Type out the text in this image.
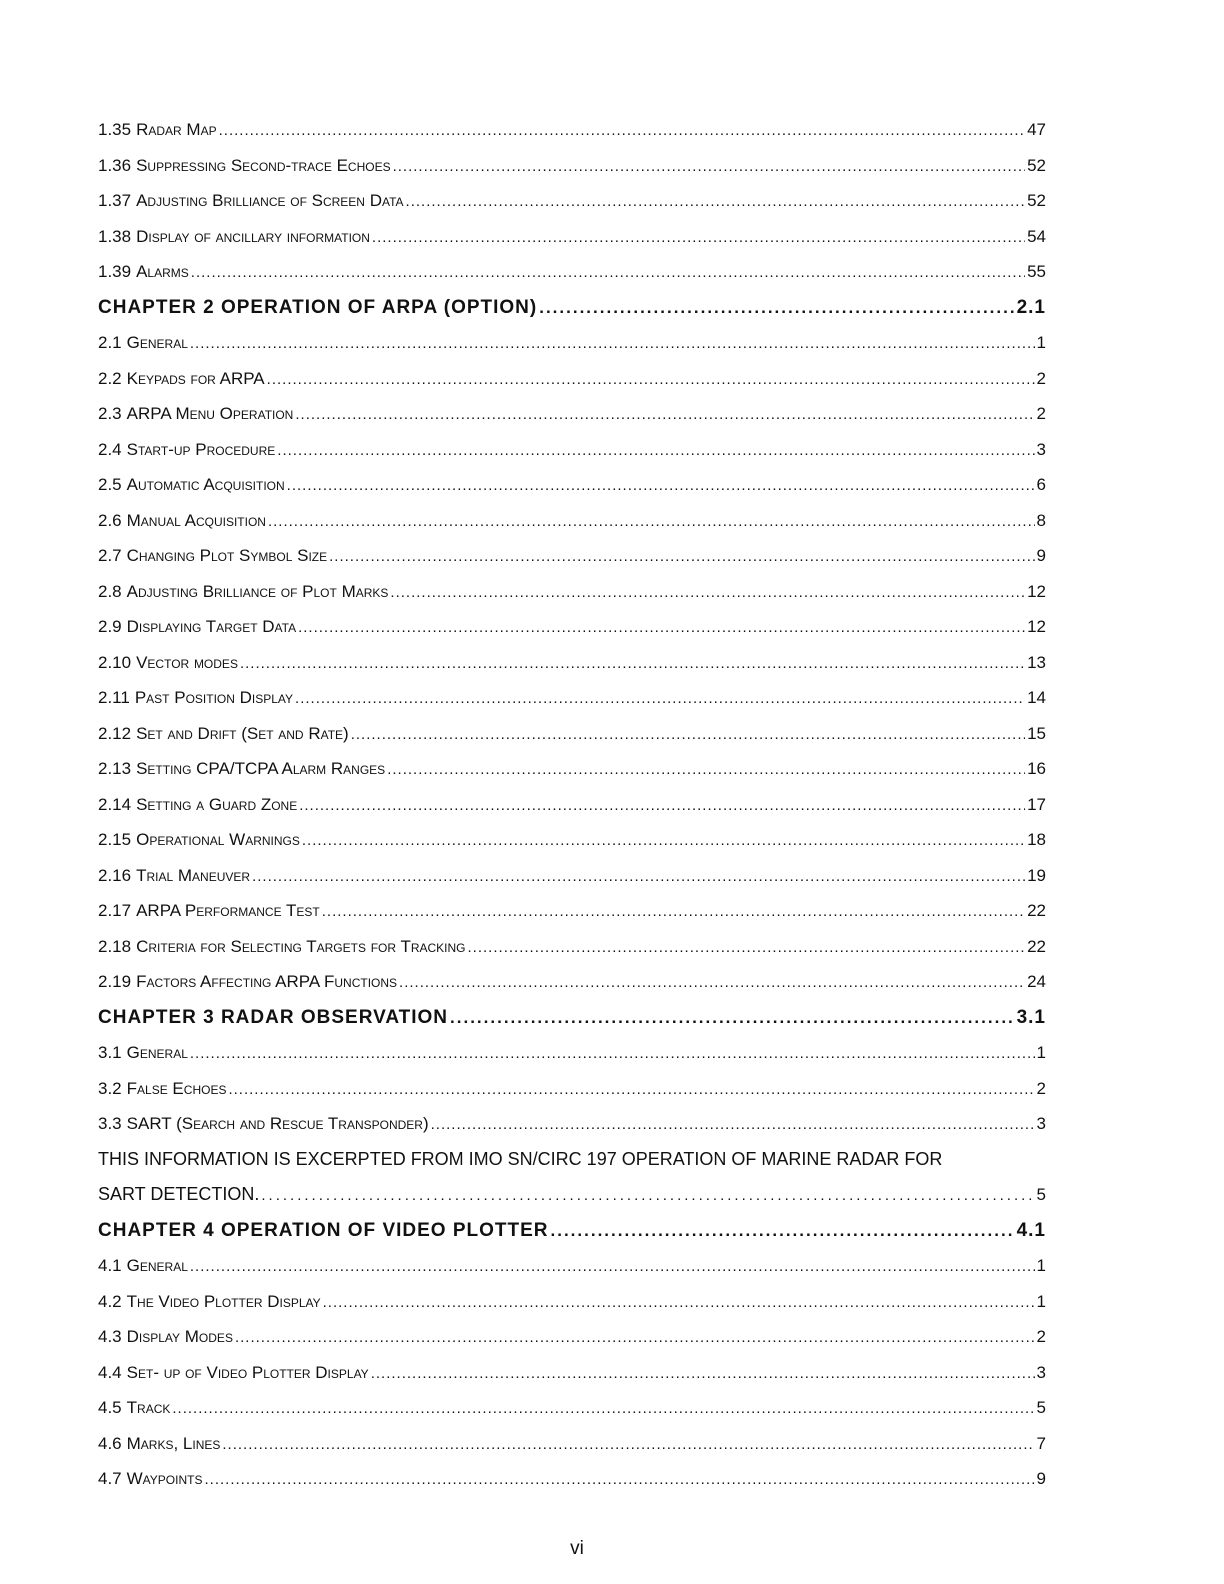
1.35 Radar Map .....	47
1.36 Suppressing Second-trace Echoes .....	52
1.37 Adjusting Brilliance of Screen Data .....	52
1.38 Display of ancillary information .....	54
1.39 Alarms .....	55
CHAPTER 2 OPERATION OF ARPA (OPTION) .....	2.1
2.1 General .....	1
2.2 Keypads for ARPA .....	2
2.3 ARPA Menu Operation .....	2
2.4 Start-up Procedure .....	3
2.5 Automatic Acquisition .....	6
2.6 Manual Acquisition .....	8
2.7 Changing Plot Symbol Size .....	9
2.8 Adjusting Brilliance of Plot Marks .....	12
2.9 Displaying Target Data .....	12
2.10 Vector modes .....	13
2.11 Past Position Display .....	14
2.12 Set and Drift (Set and Rate) .....	15
2.13 Setting CPA/TCPA Alarm Ranges .....	16
2.14 Setting a Guard Zone .....	17
2.15 Operational Warnings .....	18
2.16 Trial Maneuver .....	19
2.17 ARPA Performance Test .....	22
2.18 Criteria for Selecting Targets for Tracking .....	22
2.19 Factors Affecting ARPA Functions .....	24
CHAPTER 3 RADAR OBSERVATION .....	3.1
3.1 General .....	1
3.2 False Echoes .....	2
3.3 SART (Search and Rescue Transponder) .....	3
THIS INFORMATION IS EXCERPTED FROM IMO SN/CIRC 197 OPERATION OF MARINE RADAR FOR
SART DETECTION. .....	5
CHAPTER 4 OPERATION OF VIDEO PLOTTER .....	4.1
4.1 General .....	1
4.2 The Video Plotter Display .....	1
4.3 Display Modes .....	2
4.4 Set- up of Video Plotter Display .....	3
4.5 Track .....	5
4.6 Marks, Lines .....	7
4.7 Waypoints .....	9
vi
